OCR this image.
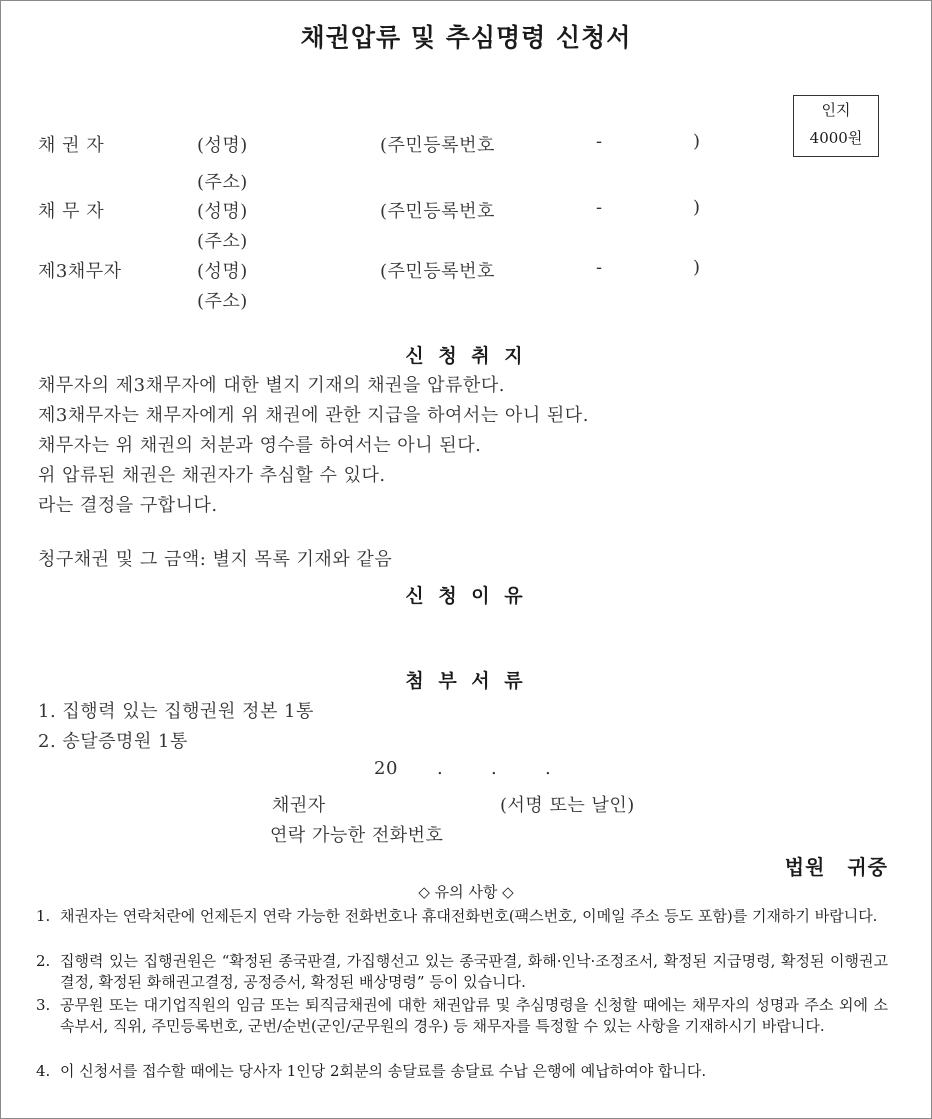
채권압류 및 추심명령 신청서
인지
4000원
채 권 자	(성명)	(주민등록번호	-	)
(주소)
채 무 자	(성명)	(주민등록번호	-	)
(주소)
제3채무자	(성명)	(주민등록번호	-	)
(주소)
신 청 취 지
채무자의 제3채무자에 대한 별지 기재의 채권을 압류한다.
제3채무자는 채무자에게 위 채권에 관한 지급을 하여서는 아니 된다.
채무자는 위 채권의 처분과 영수를 하여서는 아니 된다.
위 압류된 채권은 채권자가 추심할 수 있다.
라는 결정을 구합니다.
청구채권 및 그 금액: 별지 목록 기재와 같음
신 청 이 유
첨 부 서 류
1. 집행력 있는 집행권원 정본 1통
2. 송달증명원 1통
20 .	.	.
채권자	(서명 또는 날인)
연락 가능한 전화번호
법원 귀중
◇ 유의 사항 ◇
1. 채권자는 연락처란에 언제든지 연락 가능한 전화번호나 휴대전화번호(팩스번호, 이메일 주소 등도 포함)를 기재하기 바랍니다.
2. 집행력 있는 집행권원은 “확정된 종국판결, 가집행선고 있는 종국판결, 화해·인낙·조정조서, 확정된 지급명령, 확정된 이행권고결정, 확정된 화해권고결정, 공정증서, 확정된 배상명령” 등이 있습니다.
3. 공무원 또는 대기업직원의 임금 또는 퇴직금채권에 대한 채권압류 및 추심명령을 신청할 때에는 채무자의 성명과 주소 외에 소속부서, 직위, 주민등록번호, 군번/순번(군인/군무원의 경우) 등 채무자를 특정할 수 있는 사항을 기재하시기 바랍니다.
4. 이 신청서를 접수할 때에는 당사자 1인당 2회분의 송달료를 송달료 수납 은행에 예납하여야 합니다.
